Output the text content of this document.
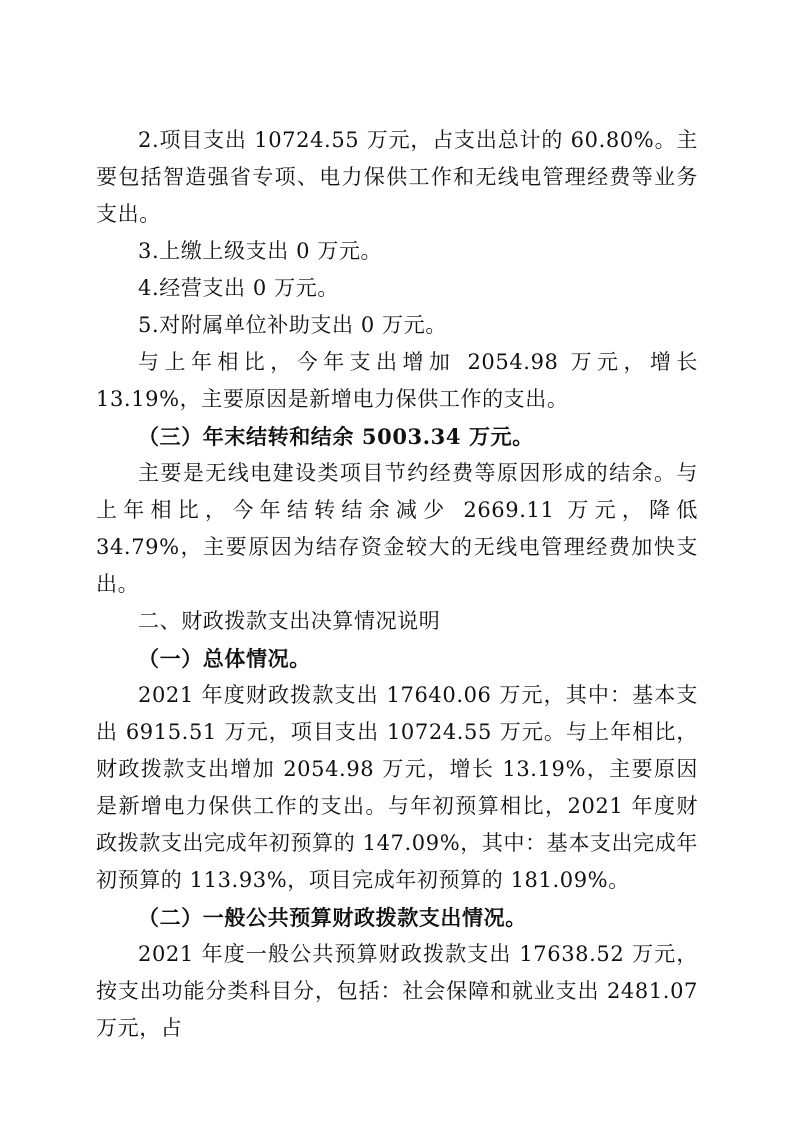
2.项目支出 10724.55 万元，占支出总计的 60.80%。主要包括智造强省专项、电力保供工作和无线电管理经费等业务支出。

3.上缴上级支出 0 万元。

4.经营支出 0 万元。

5.对附属单位补助支出 0 万元。

与上年相比，今年支出增加 2054.98 万元，增长 13.19%，主要原因是新增电力保供工作的支出。

（三）年末结转和结余 5003.34 万元。

主要是无线电建设类项目节约经费等原因形成的结余。与上年相比，今年结转结余减少 2669.11 万元，降低 34.79%，主要原因为结存资金较大的无线电管理经费加快支出。

二、财政拨款支出决算情况说明

（一）总体情况。

2021 年度财政拨款支出 17640.06 万元，其中：基本支出 6915.51 万元，项目支出 10724.55 万元。与上年相比，财政拨款支出增加 2054.98 万元，增长 13.19%，主要原因是新增电力保供工作的支出。与年初预算相比，2021 年度财政拨款支出完成年初预算的 147.09%，其中：基本支出完成年初预算的 113.93%，项目完成年初预算的 181.09%。

（二）一般公共预算财政拨款支出情况。

2021 年度一般公共预算财政拨款支出 17638.52 万元，按支出功能分类科目分，包括：社会保障和就业支出 2481.07 万元，占
